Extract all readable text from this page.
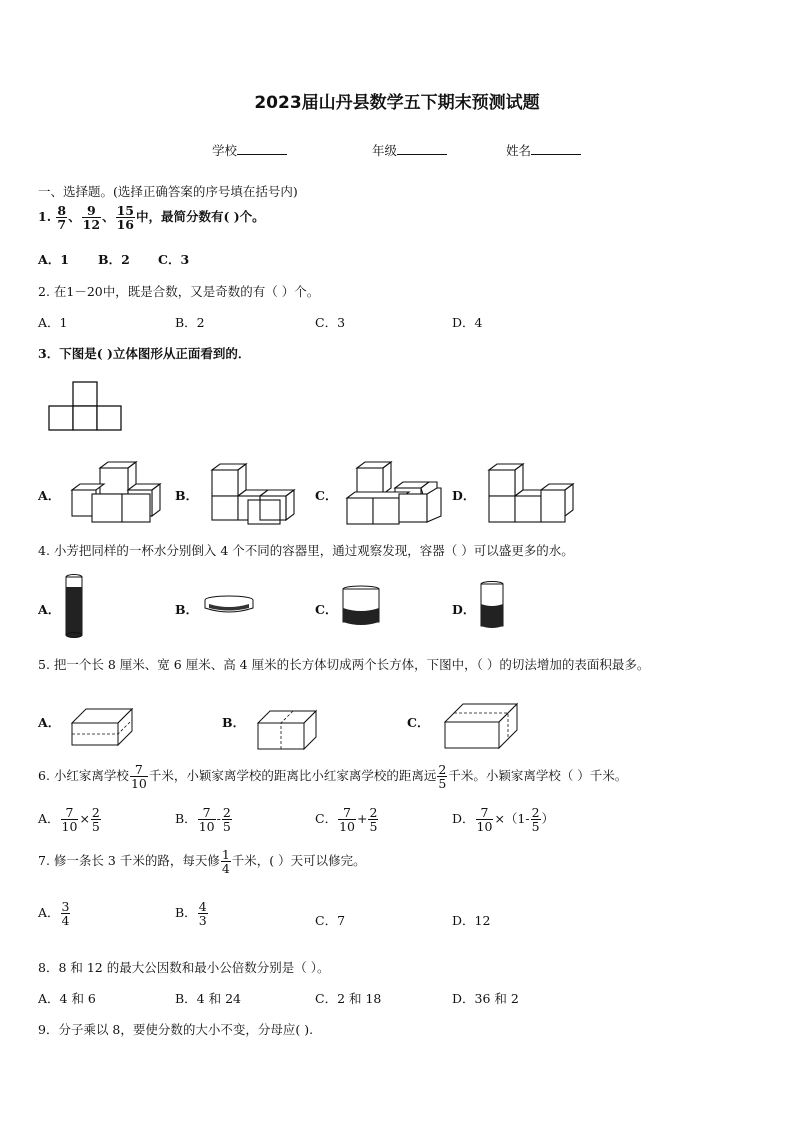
2023届山丹县数学五下期末预测试题
学校	年级	姓名
一、选择题。(选择正确答案的序号填在括号内)
1. $\frac{8}{7}$ 、 $\frac{9}{12}$ 、 $\frac{15}{16}$ 中，最简分数有( )个。
A．1 B．2 C．3
2. 在1－20中，既是合数，又是奇数的有（ ）个。
A．1	B．2	C．3	D．4
3．下图是( )立体图形从正面看到的．
A．	B．	C．	D．
4. 小芳把同样的一杯水分别倒入 4 个不同的容器里，通过观察发现，容器（ ）可以盛更多的水。
A．	B．	C．	D．
5. 把一个长 8 厘米、宽 6 厘米、高 4 厘米的长方体切成两个长方体，下图中，（ ）的切法增加的表面积最多。
A．	B．	C．
6. 小红家离学校 $\frac{7}{10}$ 千米，小颖家离学校的距离比小红家离学校的距离远 $\frac{2}{5}$ 千米。小颖家离学校（ ）千米。
A． $\frac{7}{10} \times \frac{2}{5}$	B． $\frac{7}{10} - \frac{2}{5}$	C． $\frac{7}{10} + \frac{2}{5}$	D． $\frac{7}{10} \times(1- \frac{2}{5}$ ）
7. 修一条长 3 千米的路，每天修 $\frac{1}{4}$ 千米，( ）天可以修完。
A． $\frac{3}{4}$	B． $\frac{4}{3}$	C．7	D．12
8．8 和 12 的最大公因数和最小公倍数分别是（ ）。
A．4 和 6	B．4 和 24	C．2 和 18	D．36 和 2
9．分子乘以 8，要使分数的大小不变，分母应( ).
